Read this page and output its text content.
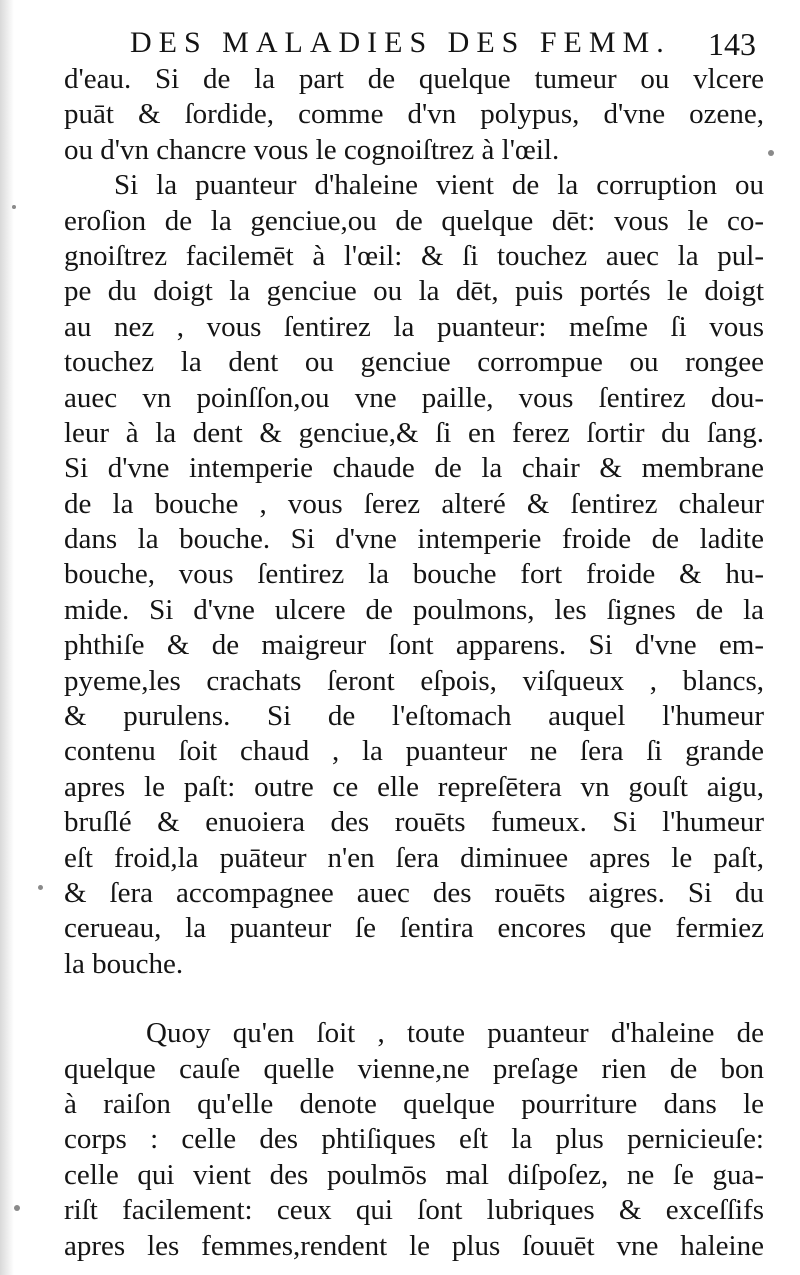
DES MALADIES DES FEMM. 143
d'eau. Si de la part de quelque tumeur ou vlcere
puāt & ſordide, comme d'vn polypus, d'vne ozene,
ou d'vn chancre vous le cognoiſtrez à l'œil.
Si la puanteur d'haleine vient de la corruption ou
eroſion de la genciue,ou de quelque dēt: vous le co-
gnoiſtrez facilemēt à l'œil: & ſi touchez auec la pul-
pe du doigt la genciue ou la dēt, puis portés le doigt
au nez , vous ſentirez la puanteur: meſme ſi vous
touchez la dent ou genciue corrompue ou rongee
auec vn poinſſon,ou vne paille, vous ſentirez dou-
leur à la dent & genciue,& ſi en ferez ſortir du ſang.
Si d'vne intemperie chaude de la chair & membrane
de la bouche , vous ſerez alteré & ſentirez chaleur
dans la bouche. Si d'vne intemperie froide de ladite
bouche, vous ſentirez la bouche fort froide & hu-
mide. Si d'vne ulcere de poulmons, les ſignes de la
phthiſe & de maigreur ſont apparens. Si d'vne em-
pyeme,les crachats ſeront eſpois, viſqueux , blancs,
& purulens. Si de l'eſtomach auquel l'humeur
contenu ſoit chaud , la puanteur ne ſera ſi grande
apres le paſt: outre ce elle repreſētera vn gouſt aigu,
bruſlé & enuoiera des rouēts fumeux. Si l'humeur
eſt froid,la puāteur n'en ſera diminuee apres le paſt,
& ſera accompagnee auec des rouēts aigres. Si du
cerueau, la puanteur ſe ſentira encores que fermiez
la bouche.
Quoy qu'en ſoit , toute puanteur d'haleine de
quelque cauſe quelle vienne,ne preſage rien de bon
à raiſon qu'elle denote quelque pourriture dans le
corps : celle des phtiſiques eſt la plus pernicieuſe:
celle qui vient des poulmōs mal diſpoſez, ne ſe gua-
riſt facilement: ceux qui ſont lubriques & exceſſifs
apres les femmes,rendent le plus ſouuēt vne haleine
